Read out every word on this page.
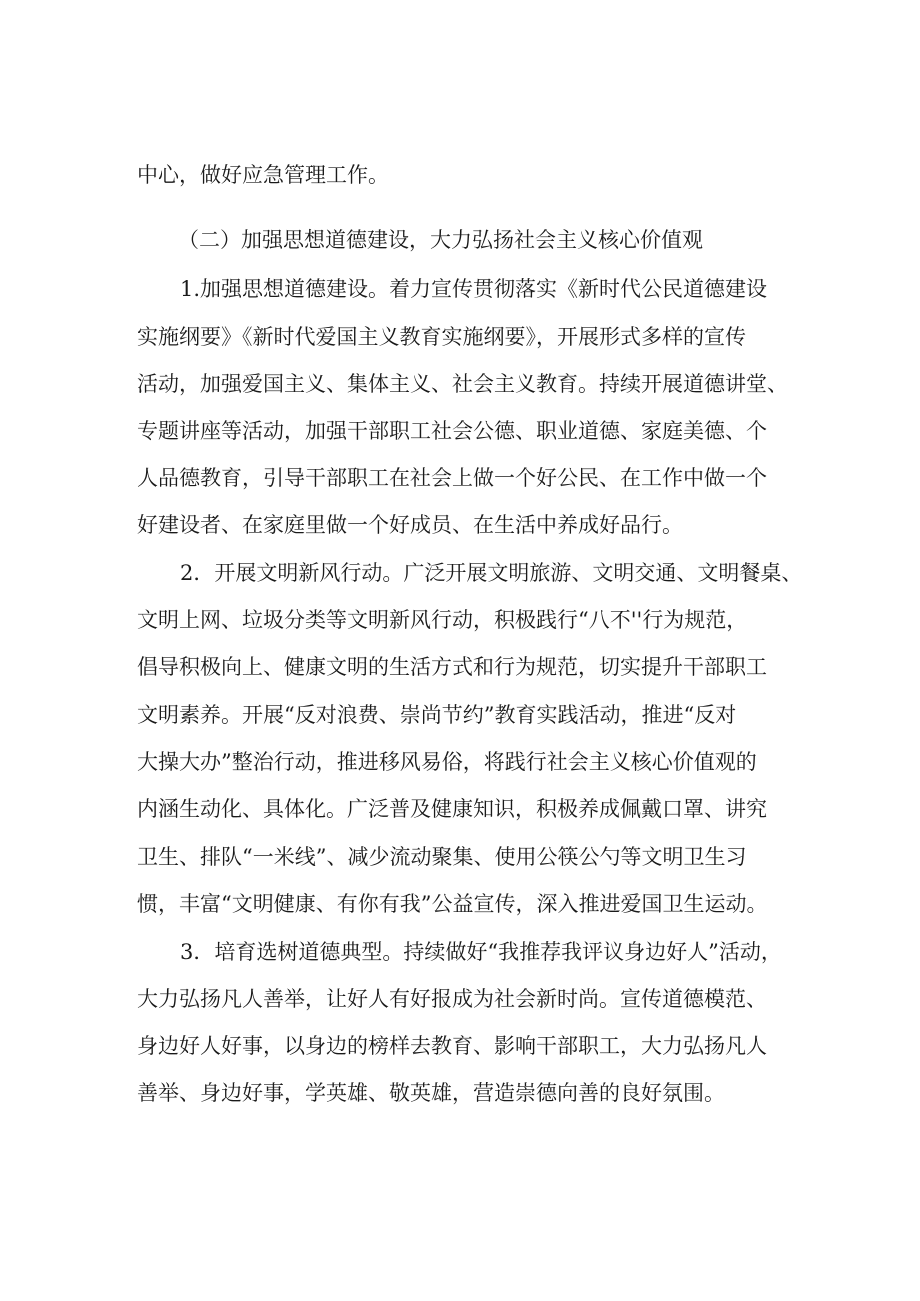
中心，做好应急管理工作。
（二）加强思想道德建设，大力弘扬社会主义核心价值观
1.加强思想道德建设。着力宣传贯彻落实《新时代公民道德建设
实施纲要》《新时代爱国主义教育实施纲要》，开展形式多样的宣传
活动，加强爱国主义、集体主义、社会主义教育。持续开展道德讲堂、
专题讲座等活动，加强干部职工社会公德、职业道德、家庭美德、个
人品德教育，引导干部职工在社会上做一个好公民、在工作中做一个
好建设者、在家庭里做一个好成员、在生活中养成好品行。
2．开展文明新风行动。广泛开展文明旅游、文明交通、文明餐桌、
文明上网、垃圾分类等文明新风行动，积极践行“八不''行为规范，
倡导积极向上、健康文明的生活方式和行为规范，切实提升干部职工
文明素养。开展“反对浪费、崇尚节约”教育实践活动，推进“反对
大操大办”整治行动，推进移风易俗，将践行社会主义核心价值观的
内涵生动化、具体化。广泛普及健康知识，积极养成佩戴口罩、讲究
卫生、排队“一米线”、减少流动聚集、使用公筷公勺等文明卫生习
惯，丰富“文明健康、有你有我”公益宣传，深入推进爱国卫生运动。
3．培育选树道德典型。持续做好“我推荐我评议身边好人”活动，
大力弘扬凡人善举，让好人有好报成为社会新时尚。宣传道德模范、
身边好人好事，以身边的榜样去教育、影响干部职工，大力弘扬凡人
善举、身边好事，学英雄、敬英雄，营造崇德向善的良好氛围。
